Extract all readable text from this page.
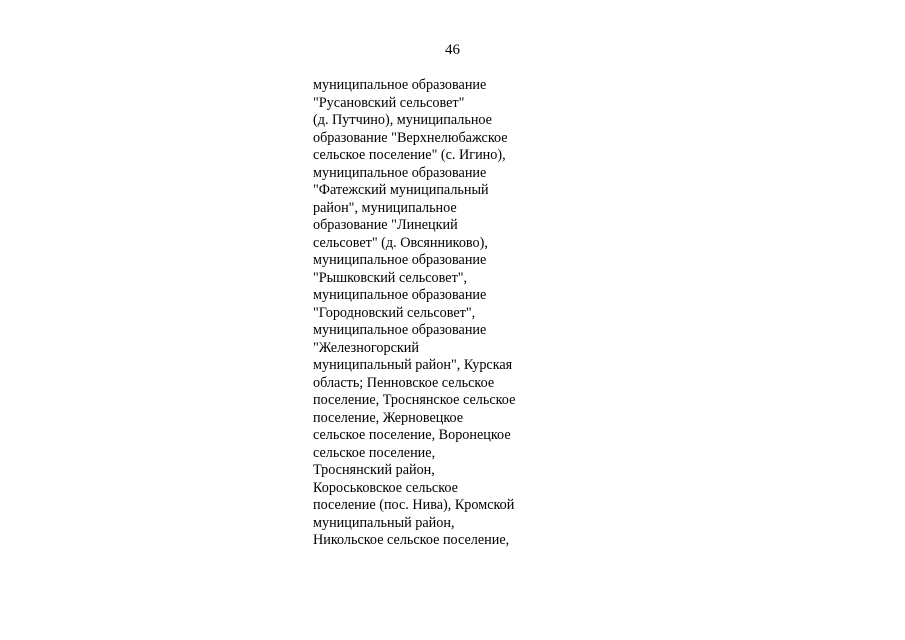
46
муниципальное образование
"Русановский сельсовет"
(д. Путчино), муниципальное
образование "Верхнелюбажское
сельское поселение" (с. Игино),
муниципальное образование
"Фатежский муниципальный
район", муниципальное
образование "Линецкий
сельсовет" (д. Овсянниково),
муниципальное образование
"Рышковский сельсовет",
муниципальное образование
"Городновский сельсовет",
муниципальное образование
"Железногорский
муниципальный район", Курская
область; Пенновское сельское
поселение, Троснянское сельское
поселение, Жерновецкое
сельское поселение, Воронецкое
сельское поселение,
Троснянский район,
Короськовское сельское
поселение (пос. Нива), Кромской
муниципальный район,
Никольское сельское поселение,
